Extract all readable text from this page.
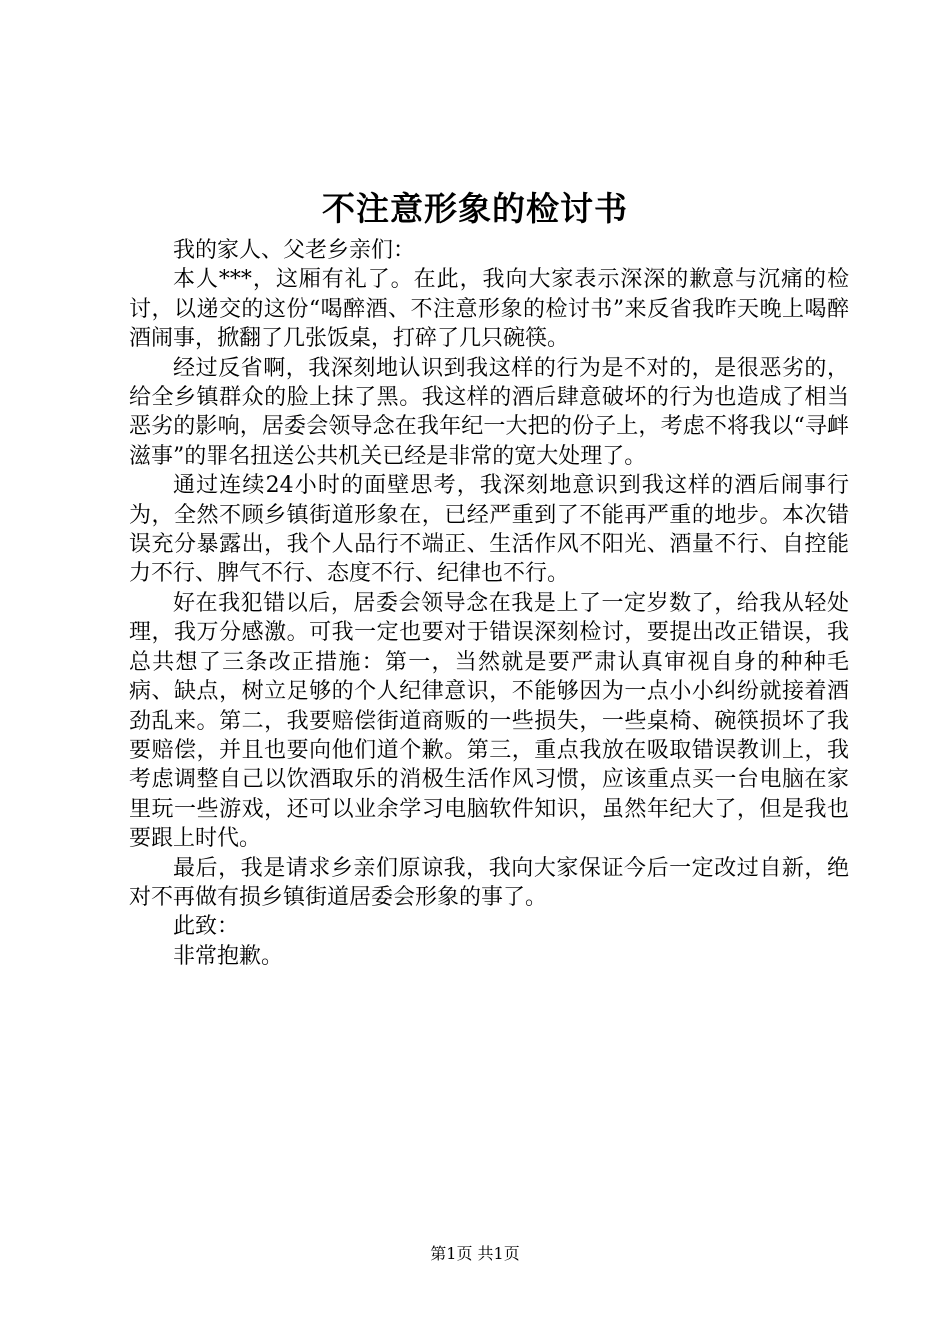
不注意形象的检讨书

我的家人、父老乡亲们：

本人***，这厢有礼了。在此，我向大家表示深深的歉意与沉痛的检讨，以递交的这份“喝醉酒、不注意形象的检讨书”来反省我昨天晚上喝醉酒闹事，掀翻了几张饭桌，打碎了几只碗筷。

经过反省啊，我深刻地认识到我这样的行为是不对的，是很恶劣的，给全乡镇群众的脸上抹了黑。我这样的酒后肆意破坏的行为也造成了相当恶劣的影响，居委会领导念在我年纪一大把的份子上，考虑不将我以“寻衅滋事”的罪名扭送公共机关已经是非常的宽大处理了。

通过连续24小时的面壁思考，我深刻地意识到我这样的酒后闹事行为，全然不顾乡镇街道形象在，已经严重到了不能再严重的地步。本次错误充分暴露出，我个人品行不端正、生活作风不阳光、酒量不行、自控能力不行、脾气不行、态度不行、纪律也不行。

好在我犯错以后，居委会领导念在我是上了一定岁数了，给我从轻处理，我万分感激。可我一定也要对于错误深刻检讨，要提出改正错误，我总共想了三条改正措施：第一，当然就是要严肃认真审视自身的种种毛病、缺点，树立足够的个人纪律意识，不能够因为一点小小纠纷就接着酒劲乱来。第二，我要赔偿街道商贩的一些损失，一些桌椅、碗筷损坏了我要赔偿，并且也要向他们道个歉。第三，重点我放在吸取错误教训上，我考虑调整自己以饮酒取乐的消极生活作风习惯，应该重点买一台电脑在家里玩一些游戏，还可以业余学习电脑软件知识，虽然年纪大了，但是我也要跟上时代。

最后，我是请求乡亲们原谅我，我向大家保证今后一定改过自新，绝对不再做有损乡镇街道居委会形象的事了。

此致：

非常抱歉。

第1页 共1页
